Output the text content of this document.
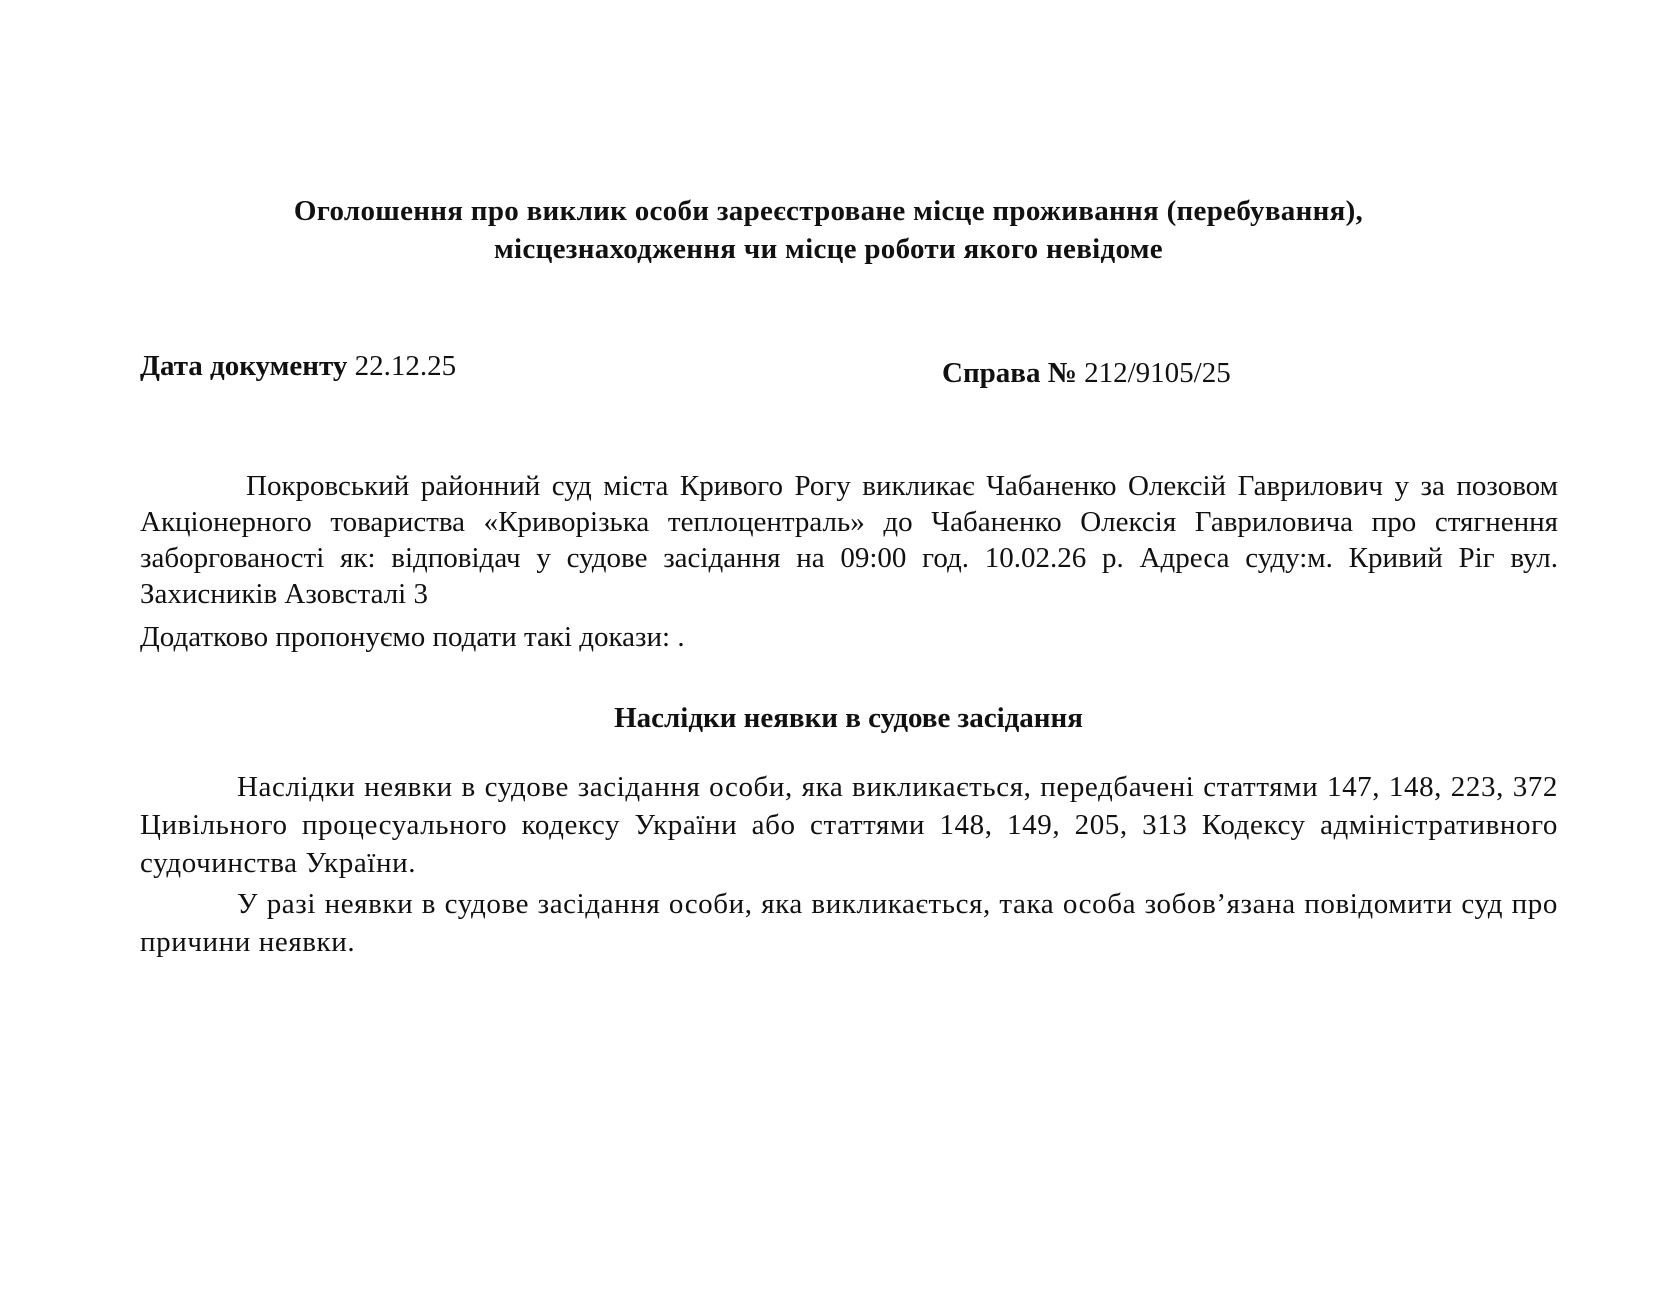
Оголошення про виклик особи зареєстроване місце проживання (перебування),
місцезнаходження чи місце роботи якого невідоме
Дата документу 22.12.25	Справа № 212/9105/25

Покровський районний суд міста Кривого Рогу викликає Чабаненко Олексій Гаврилович у за позовом Акціонерного товариства «Криворізька теплоцентраль» до Чабаненко Олексія Гавриловича про стягнення заборгованості як: відповідач у судове засідання на 09:00 год. 10.02.26 р. Адреса суду:м. Кривий Ріг вул. Захисників Азовсталі 3

Додатково пропонуємо подати такі докази: .

Наслідки неявки в судове засідання

Наслідки неявки в судове засідання особи, яка викликається, передбачені статтями 147, 148, 223, 372 Цивільного процесуального кодексу України або статтями 148, 149, 205, 313 Кодексу адміністративного судочинства України.

У разі неявки в судове засідання особи, яка викликається, така особа зобов’язана повідомити суд про причини неявки.
